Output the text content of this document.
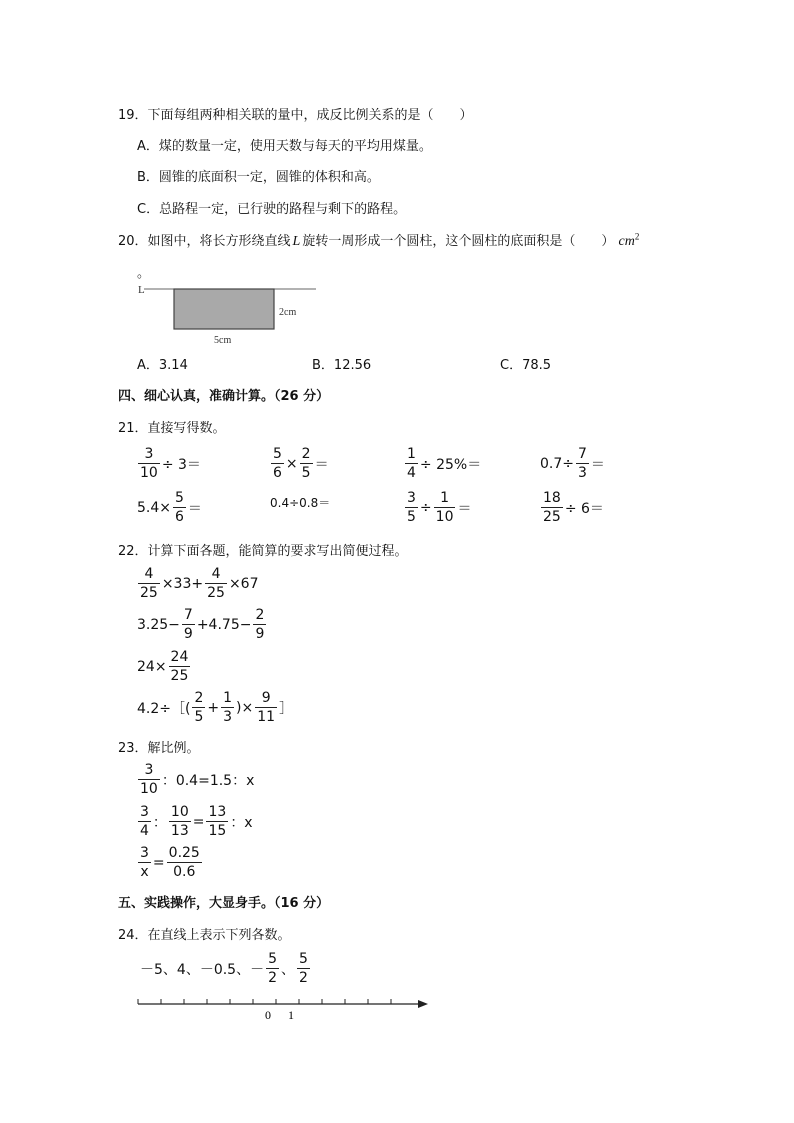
19．下面每组两种相关联的量中，成反比例关系的是（　　）
A．煤的数量一定，使用天数与每天的平均用煤量。
B．圆锥的底面积一定，圆锥的体积和高。
C．总路程一定，已行驶的路程与剩下的路程。
20．如图中，将长方形绕直线 L 旋转一周形成一个圆柱，这个圆柱的底面积是（　　） $cm^2$
。
L
2cm
5cm
A．3.14	B．12.56	C．78.5
四、细心认真，准确计算。（26 分）
21．直接写得数。
$\frac{3}{10} \div 3=$	$\frac{5}{6} \times \frac{2}{5}$ ＝	$\frac{1}{4} \div 25\%=$	$0.7\div \frac{7}{3}$ ＝
$5.4\times \frac{5}{6}$ ＝	0.4÷0.8＝	$\frac{3}{5} \div \frac{1}{10}$ ＝	$\frac{18}{25} \div 6=$
22．计算下面各题，能简算的要求写出简便过程。
$\frac{4}{25} \times 33+ \frac{4}{25} \times 67$
$3.25- \frac{7}{9} +4.75- \frac{2}{9}$
$24\times \frac{24}{25}$
4.2÷［( $\frac{2}{5} + \frac{1}{3}$ )× $\frac{9}{11}$ ］
23．解比例。
$\frac{3}{10}$ ：0.4=1.5：x
$\frac{3}{4}$ ： $\frac{10}{13} = \frac{13}{15}$ ：x
$\frac{3}{x} = \frac{0.25}{0.6}$
五、实践操作，大显身手。（16 分）
24．在直线上表示下列各数。
－5、4、－0.5、－ $\frac{5}{2}$ 、 $\frac{5}{2}$
0 1
